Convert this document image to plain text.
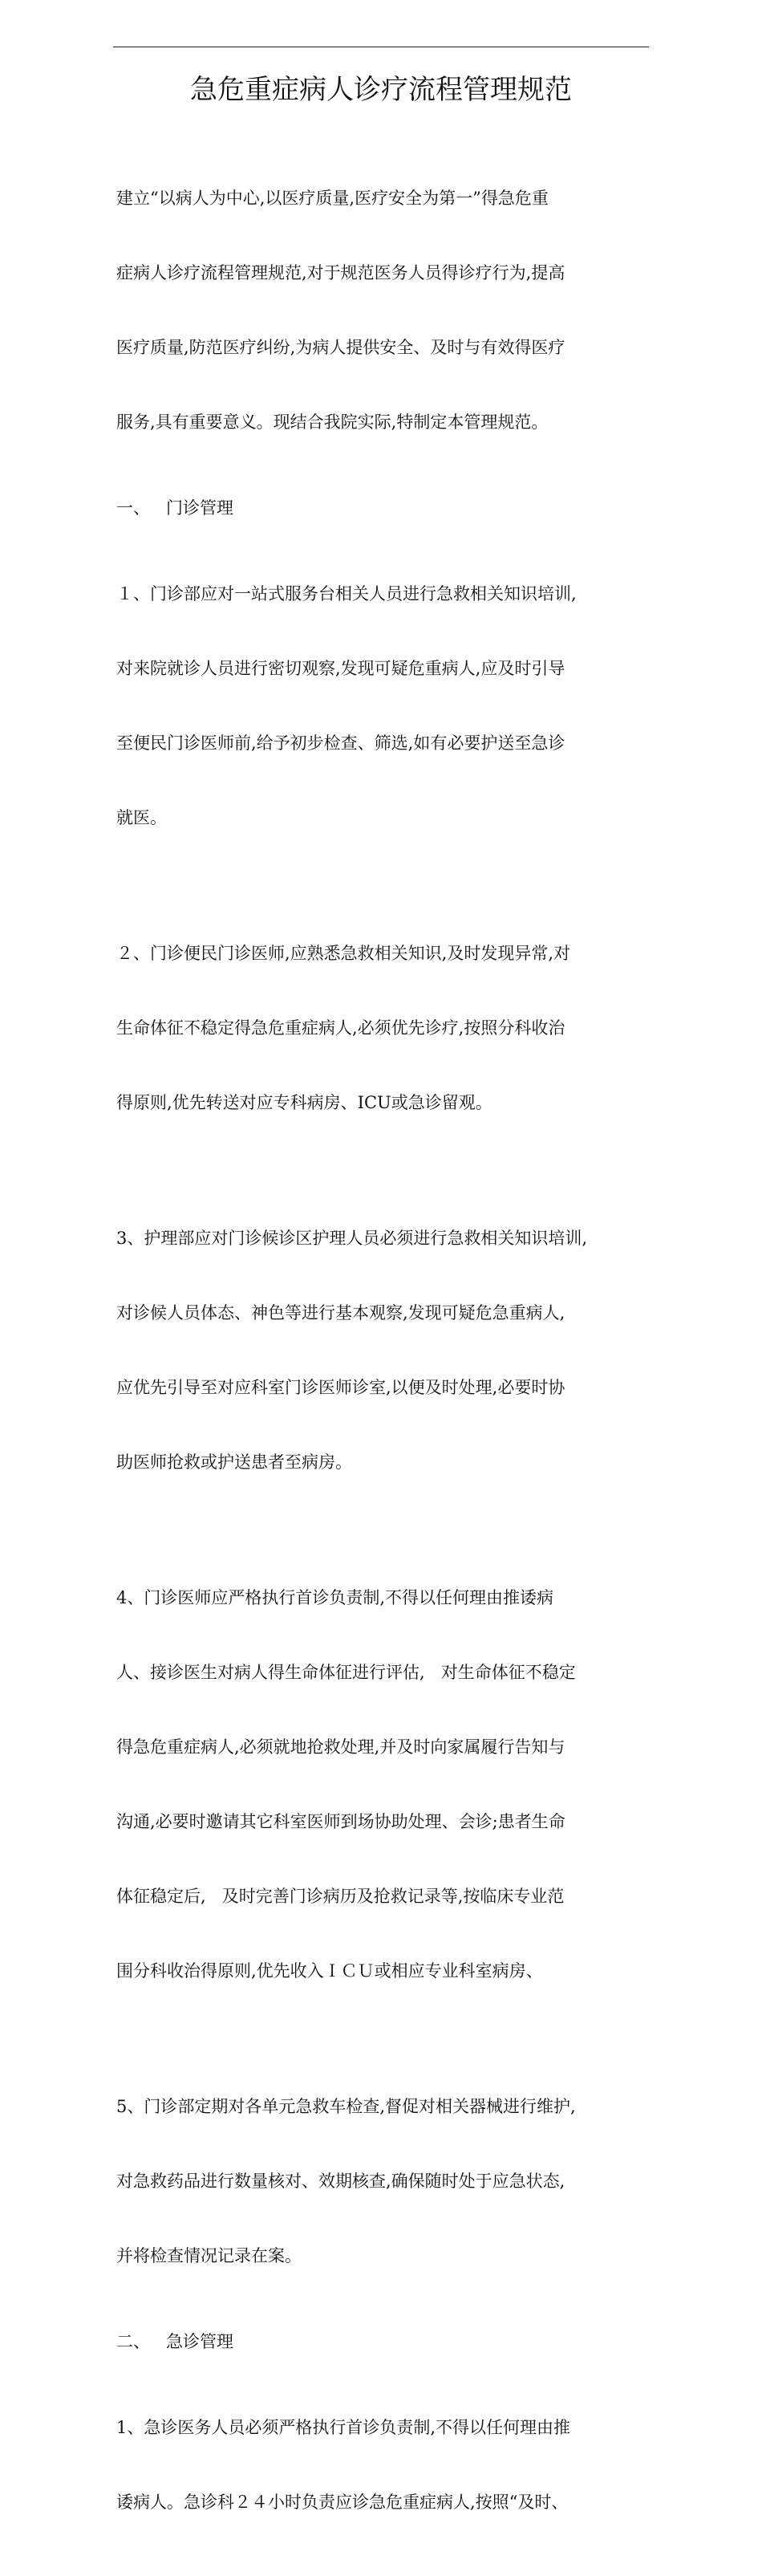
急危重症病人诊疗流程管理规范

建立“以病人为中心,以医疗质量,医疗安全为第一”得急危重

症病人诊疗流程管理规范,对于规范医务人员得诊疗行为,提高

医疗质量,防范医疗纠纷,为病人提供安全、及时与有效得医疗

服务,具有重要意义。现结合我院实际,特制定本管理规范。

一、   门诊管理

１、门诊部应对一站式服务台相关人员进行急救相关知识培训,

对来院就诊人员进行密切观察,发现可疑危重病人,应及时引导

至便民门诊医师前,给予初步检查、筛选,如有必要护送至急诊

就医。

２、门诊便民门诊医师,应熟悉急救相关知识,及时发现异常,对

生命体征不稳定得急危重症病人,必须优先诊疗,按照分科收治

得原则,优先转送对应专科病房、ICU或急诊留观。

3、护理部应对门诊候诊区护理人员必须进行急救相关知识培训,

对诊候人员体态、神色等进行基本观察,发现可疑危急重病人,

应优先引导至对应科室门诊医师诊室,以便及时处理,必要时协

助医师抢救或护送患者至病房。

4、门诊医师应严格执行首诊负责制,不得以任何理由推诿病

人、接诊医生对病人得生命体征进行评估,   对生命体征不稳定

得急危重症病人,必须就地抢救处理,并及时向家属履行告知与

沟通,必要时邀请其它科室医师到场协助处理、会诊;患者生命

体征稳定后,   及时完善门诊病历及抢救记录等,按临床专业范

围分科收治得原则,优先收入ＩＣＵ或相应专业科室病房、

5、门诊部定期对各单元急救车检查,督促对相关器械进行维护,

对急救药品进行数量核对、效期核查,确保随时处于应急状态,

并将检查情况记录在案。

二、   急诊管理

1、急诊医务人员必须严格执行首诊负责制,不得以任何理由推

诿病人。急诊科２４小时负责应诊急危重症病人,按照“及时、
